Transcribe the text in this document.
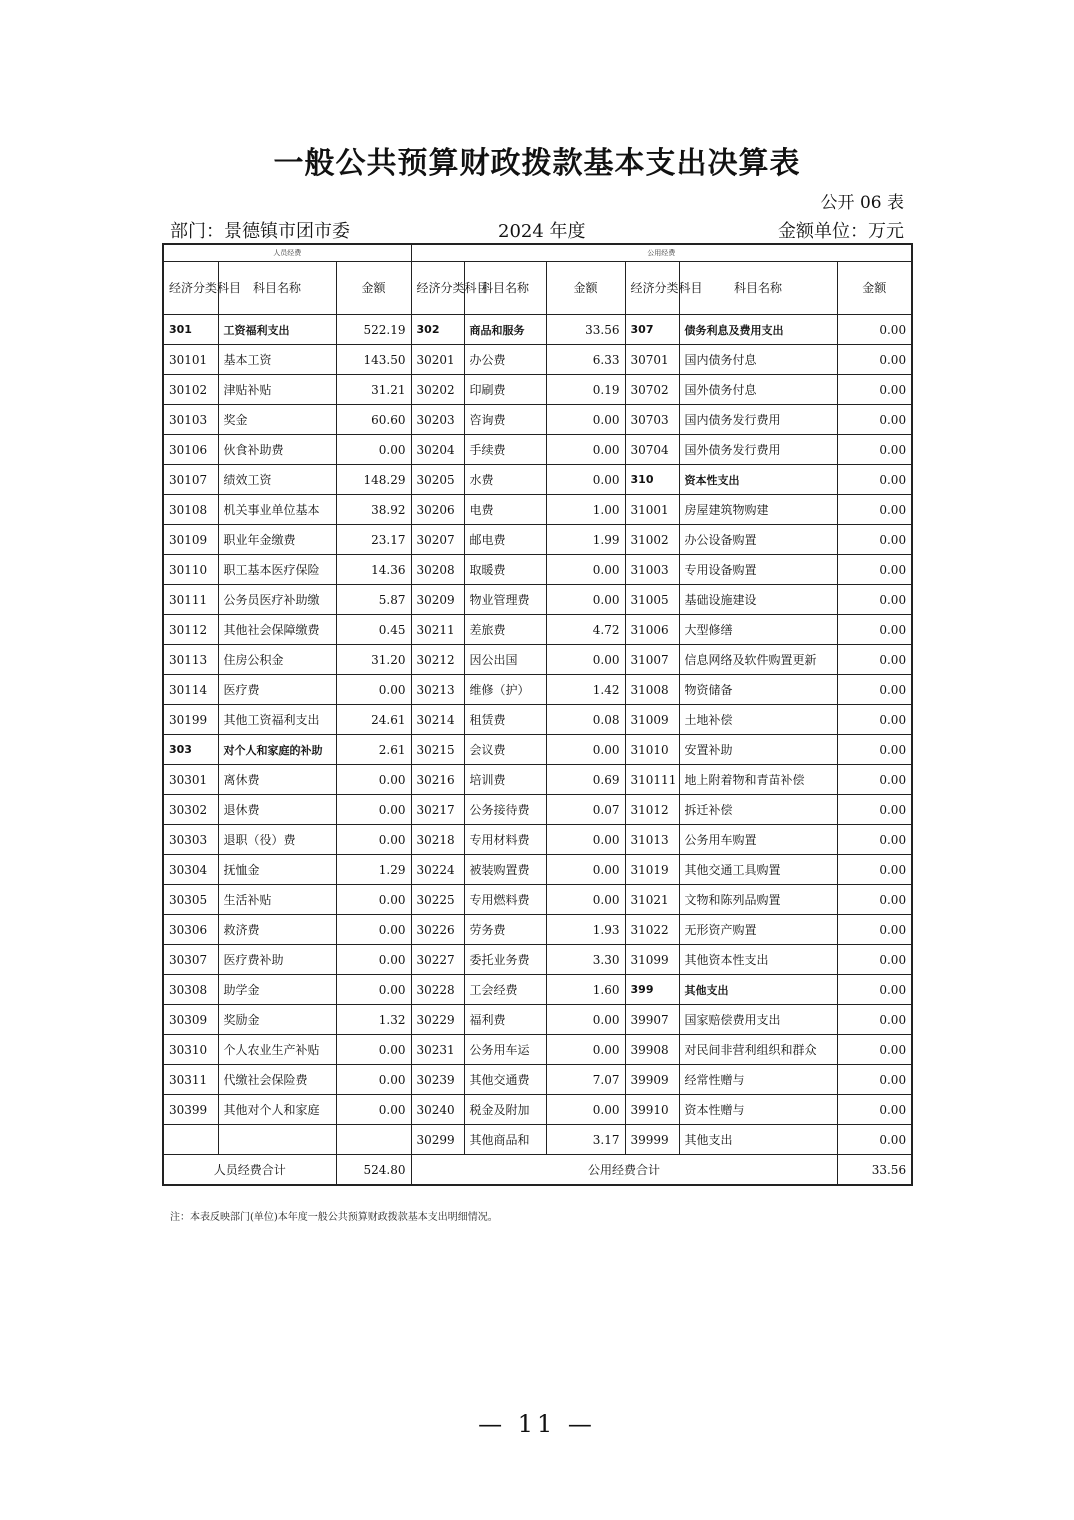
一般公共预算财政拨款基本支出决算表
公开 06 表
部门：景德镇市团市委	2024 年度	金额单位：万元
人员经费			公用经费					
经济分类科目	科目名称	金额	经济分类科目	科目名称	金额	经济分类科目	科目名称	金额
301	工资福利支出	522.19	302	商品和服务	33.56	307	债务利息及费用支出	0.00
30101	基本工资	143.50	30201	办公费	6.33	30701	国内债务付息	0.00
30102	津贴补贴	31.21	30202	印刷费	0.19	30702	国外债务付息	0.00
30103	奖金	60.60	30203	咨询费	0.00	30703	国内债务发行费用	0.00
30106	伙食补助费	0.00	30204	手续费	0.00	30704	国外债务发行费用	0.00
30107	绩效工资	148.29	30205	水费	0.00	310	资本性支出	0.00
30108	机关事业单位基本	38.92	30206	电费	1.00	31001	房屋建筑物购建	0.00
30109	职业年金缴费	23.17	30207	邮电费	1.99	31002	办公设备购置	0.00
30110	职工基本医疗保险	14.36	30208	取暖费	0.00	31003	专用设备购置	0.00
30111	公务员医疗补助缴	5.87	30209	物业管理费	0.00	31005	基础设施建设	0.00
30112	其他社会保障缴费	0.45	30211	差旅费	4.72	31006	大型修缮	0.00
30113	住房公积金	31.20	30212	因公出国	0.00	31007	信息网络及软件购置更新	0.00
30114	医疗费	0.00	30213	维修（护）	1.42	31008	物资储备	0.00
30199	其他工资福利支出	24.61	30214	租赁费	0.08	31009	土地补偿	0.00
303	对个人和家庭的补助	2.61	30215	会议费	0.00	31010	安置补助	0.00
30301	离休费	0.00	30216	培训费	0.69	310111	地上附着物和青苗补偿	0.00
30302	退休费	0.00	30217	公务接待费	0.07	31012	拆迁补偿	0.00
30303	退职（役）费	0.00	30218	专用材料费	0.00	31013	公务用车购置	0.00
30304	抚恤金	1.29	30224	被装购置费	0.00	31019	其他交通工具购置	0.00
30305	生活补贴	0.00	30225	专用燃料费	0.00	31021	文物和陈列品购置	0.00
30306	救济费	0.00	30226	劳务费	1.93	31022	无形资产购置	0.00
30307	医疗费补助	0.00	30227	委托业务费	3.30	31099	其他资本性支出	0.00
30308	助学金	0.00	30228	工会经费	1.60	399	其他支出	0.00
30309	奖励金	1.32	30229	福利费	0.00	39907	国家赔偿费用支出	0.00
30310	个人农业生产补贴	0.00	30231	公务用车运	0.00	39908	对民间非营利组织和群众	0.00
30311	代缴社会保险费	0.00	30239	其他交通费	7.07	39909	经常性赠与	0.00
30399	其他对个人和家庭	0.00	30240	税金及附加	0.00	39910	资本性赠与	0.00
			30299	其他商品和	3.17	39999	其他支出	0.00
人员经费合计		524.80	公用经费合计					33.56
注：本表反映部门(单位)本年度一般公共预算财政拨款基本支出明细情况。
— 11 —
